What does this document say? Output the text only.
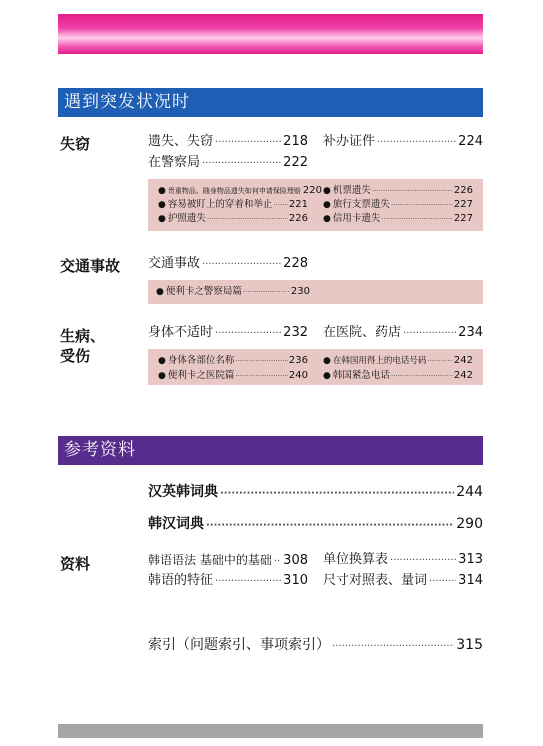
遇到突发状况时
失窃	遗失、失窃 ·····	218 补办证件 ·····	224
在警察局 ·····	222
● 贵重物品、随身物品遗失如何申请保险理赔 220 ● 机票遗失 ·····	226
● 容易被盯上的穿着和举止 ····· 221 ● 旅行支票遗失 ·····	227
● 护照遗失 ·····	226 ● 信用卡遗失 ·····	227
交通事故 交通事故 ·····	228
● 便利卡之警察局篇 ·····	230
生病、
受伤
身体不适时 ·····	232 在医院、药店 ·····	234
● 身体各部位名称 ·····	236 ● 在韩国用得上的电话号码 ·····	242
● 便利卡之医院篇 ·····	240 ● 韩国紧急电话 ·····	242
参考资料
汉英韩词典 ·····	244
韩汉词典 ·····	290
资料	韩语语法 基础中的基础 ····· 308 单位换算表 ·····	313
韩语的特征 ·····	310 尺寸对照表、量词 ····· 314
索引（问题索引、事项索引） ·····	315
